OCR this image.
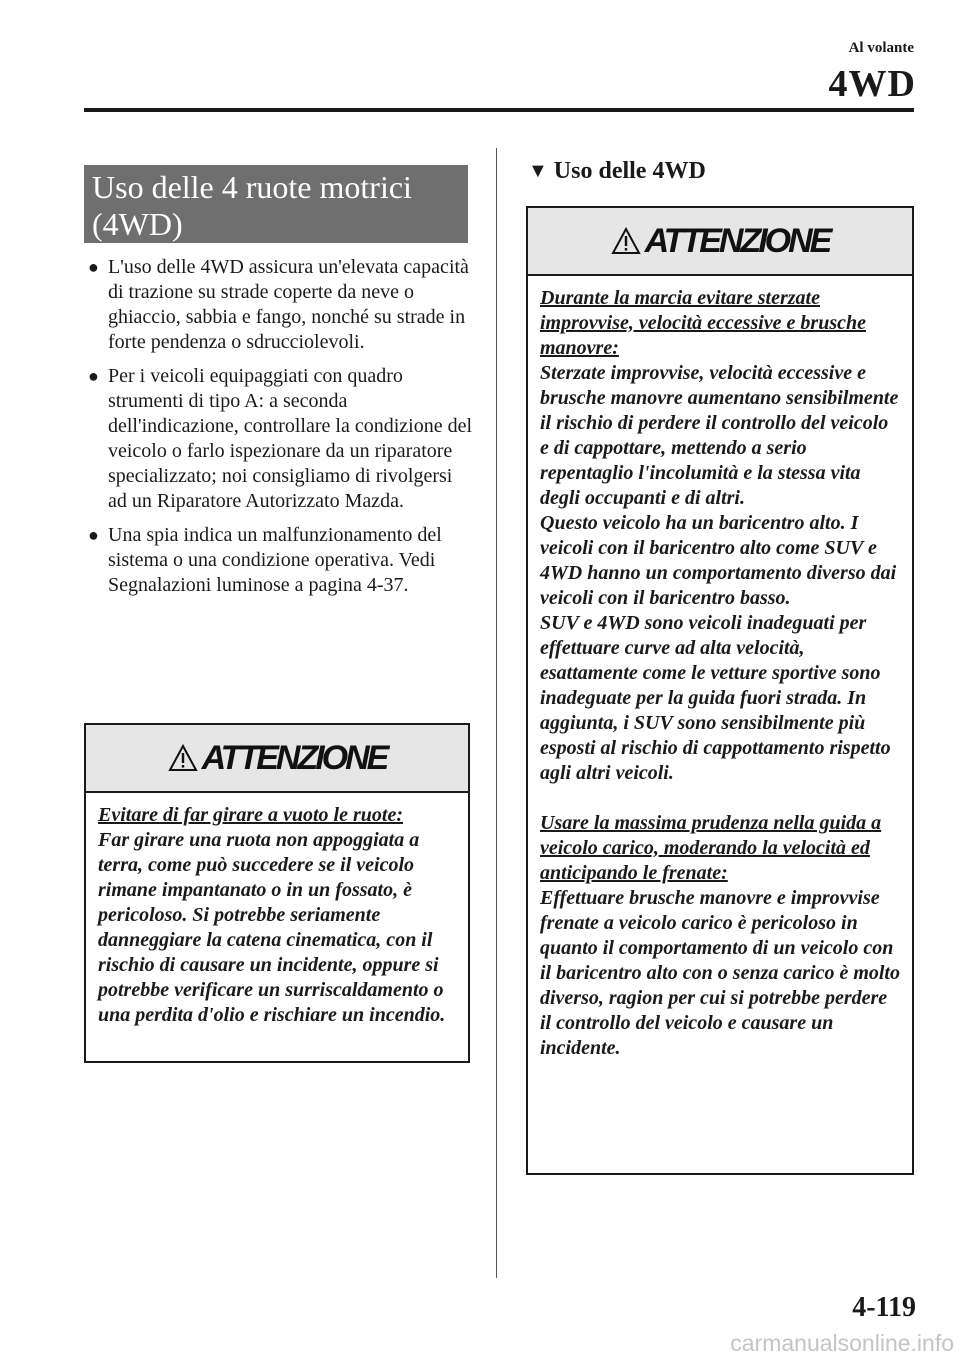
Al volante
4WD
Uso delle 4 ruote motrici
(4WD)
● L'uso delle 4WD assicura un'elevata capacità di trazione su strade coperte da neve o ghiaccio, sabbia e fango, nonché su strade in forte pendenza o sdrucciolevoli.
● Per i veicoli equipaggiati con quadro strumenti di tipo A: a seconda dell'indicazione, controllare la condizione del veicolo o farlo ispezionare da un riparatore specializzato; noi consigliamo di rivolgersi ad un Riparatore Autorizzato Mazda.
● Una spia indica un malfunzionamento del sistema o una condizione operativa. Vedi Segnalazioni luminose a pagina 4-37.
ATTENZIONE

Evitare di far girare a vuoto le ruote:

Far girare una ruota non appoggiata a terra, come può succedere se il veicolo rimane impantanato o in un fossato, è pericoloso. Si potrebbe seriamente danneggiare la catena cinematica, con il rischio di causare un incidente, oppure si potrebbe verificare un surriscaldamento o una perdita d'olio e rischiare un incendio.

▼ Uso delle 4WD
ATTENZIONE

Durante la marcia evitare sterzate improvvise, velocità eccessive e brusche manovre:

Sterzate improvvise, velocità eccessive e brusche manovre aumentano sensibilmente il rischio di perdere il controllo del veicolo e di cappottare, mettendo a serio repentaglio l'incolumità e la stessa vita degli occupanti e di altri.

Questo veicolo ha un baricentro alto. I veicoli con il baricentro alto come SUV e 4WD hanno un comportamento diverso dai veicoli con il baricentro basso.

SUV e 4WD sono veicoli inadeguati per effettuare curve ad alta velocità, esattamente come le vetture sportive sono inadeguate per la guida fuori strada. In aggiunta, i SUV sono sensibilmente più esposti al rischio di cappottamento rispetto agli altri veicoli.

Usare la massima prudenza nella guida a veicolo carico, moderando la velocità ed anticipando le frenate:

Effettuare brusche manovre e improvvise frenate a veicolo carico è pericoloso in quanto il comportamento di un veicolo con il baricentro alto con o senza carico è molto diverso, ragion per cui si potrebbe perdere il controllo del veicolo e causare un incidente.

4-119
carmanualsonline.info
